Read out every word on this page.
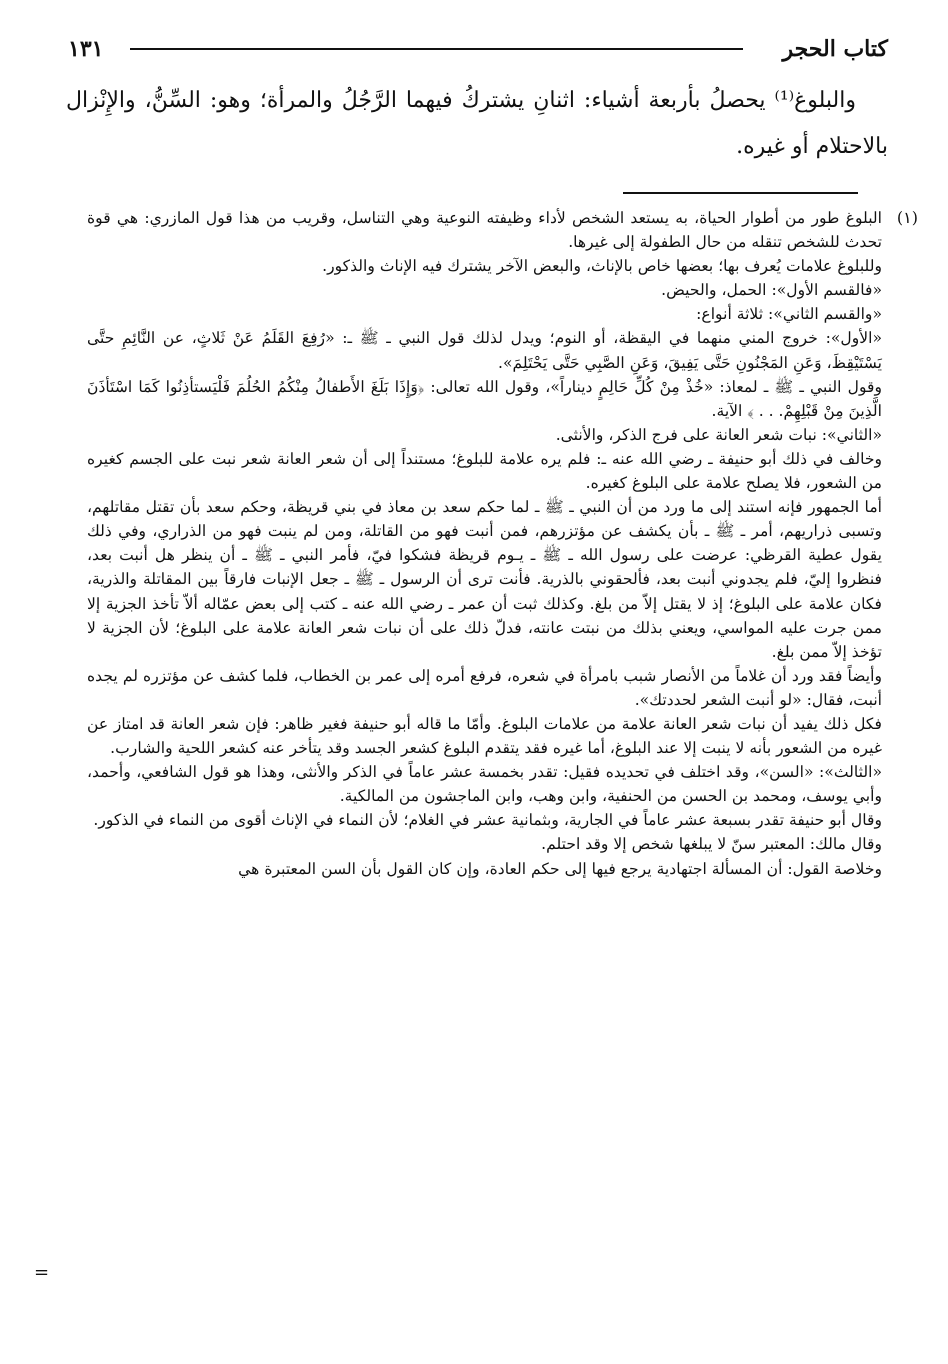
كتاب الحجر
١٣١

والبلوغ⁽¹⁾ يحصلُ بأربعة أشياء: اثنانِ يشتركُ فيهما الرَّجُلُ والمرأة؛ وهو: السِّنُّ، والإِنْزال بالاحتلام أو غيره.

(١)

البلوغ طور من أطوار الحياة، به يستعد الشخص لأداء وظيفته النوعية وهي التناسل، وقريب من هذا قول المازري: هي قوة تحدث للشخص تنقله من حال الطفولة إلى غيرها.

وللبلوغ علامات يُعرف بها؛ بعضها خاص بالإناث، والبعض الآخر يشترك فيه الإناث والذكور.

«فالقسم الأول»: الحمل، والحيض.

«والقسم الثاني»: ثلاثة أنواع:

«الأول»: خروج المني منهما في اليقظة، أو النوم؛ ويدل لذلك قول النبي ـ ﷺ ـ: «رُفِعَ القَلَمُ عَنْ ثَلاثٍ، عن النَّائِمِ حتَّى يَسْتَيْقِظَ، وَعَنِ المَجْنُونِ حَتَّى يَفِيقَ، وَعَنِ الصَّبِي حَتَّى يَحْتَلِمَ».

وقول النبي ـ ﷺ ـ لمعاذ: «خُذْ مِنْ كُلِّ حَالِمٍ ديناراً»، وقول الله تعالى: ﴿وَإِذَا بَلَغَ الأَطفالُ مِنْكُمُ الحُلُمَ فَلْيَستأذِنُوا كَمَا اسْتَأذَنَ الَّذِينَ مِنْ قَبْلِهِمْ. . . ﴾ الآية.

«الثاني»: نبات شعر العانة على فرج الذكر، والأنثى.

وخالف في ذلك أبو حنيفة ـ رضي الله عنه ـ: فلم يره علامة للبلوغ؛ مستنداً إلى أن شعر العانة شعر نبت على الجسم كغيره من الشعور، فلا يصلح علامة على البلوغ كغيره.

أما الجمهور فإنه استند إلى ما ورد من أن النبي ـ ﷺ ـ لما حكم سعد بن معاذ في بني قريظة، وحكم سعد بأن تقتل مقاتلهم، وتسبى ذراريهم، أمر ـ ﷺ ـ بأن يكشف عن مؤتزرهم، فمن أنبت فهو من القاتلة، ومن لم ينبت فهو من الذراري، وفي ذلك يقول عطية القرظي: عرضت على رسول الله ـ ﷺ ـ يـوم قريظة فشكوا فيّ، فأمر النبي ـ ﷺ ـ أن ينظر هل أنبت بعد، فنظروا إليّ، فلم يجدوني أنبت بعد، فألحقوني بالذرية. فأنت ترى أن الرسول ـ ﷺ ـ جعل الإنبات فارقاً بين المقاتلة والذرية، فكان علامة على البلوغ؛ إذ لا يقتل إلاّ من بلغ. وكذلك ثبت أن عمر ـ رضي الله عنه ـ كتب إلى بعض عمّاله ألاّ تأخذ الجزية إلا ممن جرت عليه المواسي، ويعني بذلك من نبتت عانته، فدلّ ذلك على أن نبات شعر العانة علامة على البلوغ؛ لأن الجزية لا تؤخذ إلاّ ممن بلغ.

وأيضاً فقد ورد أن غلاماً من الأنصار شبب بامرأة في شعره، فرفع أمره إلى عمر بن الخطاب، فلما كشف عن مؤتزره لم يجده أنبت، فقال: «لو أنبت الشعر لحددتك».

فكل ذلك يفيد أن نبات شعر العانة علامة من علامات البلوغ. وأمّا ما قاله أبو حنيفة فغير ظاهر: فإن شعر العانة قد امتاز عن غيره من الشعور بأنه لا ينبت إلا عند البلوغ، أما غيره فقد يتقدم البلوغ كشعر الجسد وقد يتأخر عنه كشعر اللحية والشارب.

«الثالث»: «السن»، وقد اختلف في تحديده فقيل: تقدر بخمسة عشر عاماً في الذكر والأنثى، وهذا هو قول الشافعي، وأحمد، وأبي يوسف، ومحمد بن الحسن من الحنفية، وابن وهب، وابن الماجشون من المالكية.

وقال أبو حنيفة تقدر بسبعة عشر عاماً في الجارية، وبثمانية عشر في الغلام؛ لأن النماء في الإناث أقوى من النماء في الذكور.

وقال مالك: المعتبر سنّ لا يبلغها شخص إلا وقد احتلم.

وخلاصة القول: أن المسألة اجتهادية يرجع فيها إلى حكم العادة، وإن كان القول بأن السن المعتبرة هي

=
